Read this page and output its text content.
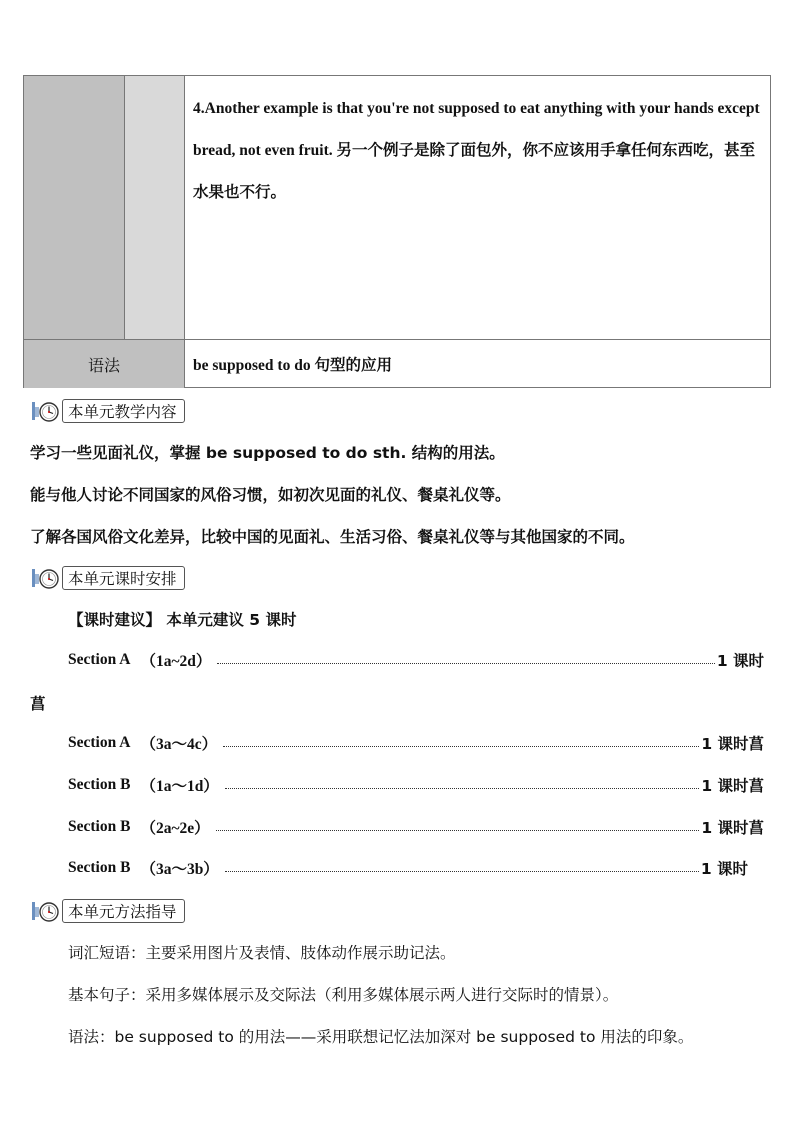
4.Another example is that you're not supposed to eat anything with your hands except bread, not even fruit. 另一个例子是除了面包外，你不应该用手拿任何东西吃，甚至水果也不行。
语法	be supposed to do 句型的应用
本单元教学内容
学习一些见面礼仪，掌握 be supposed to do sth. 结构的用法。
能与他人讨论不同国家的风俗习惯，如初次见面的礼仪、餐桌礼仪等。
了解各国风俗文化差异，比较中国的见面礼、生活习俗、餐桌礼仪等与其他国家的不同。
本单元课时安排
【课时建议】 本单元建议 5 课时
Section A （1a~2d）	1 课时
菖
Section A （3a～4c）	1 课时菖
Section B （1a～1d）	1 课时菖
Section B （2a~2e）	1 课时菖
Section B （3a～3b）	1 课时
本单元方法指导
词汇短语：主要采用图片及表情、肢体动作展示助记法。
基本句子：采用多媒体展示及交际法（利用多媒体展示两人进行交际时的情景）。
语法：be supposed to 的用法——采用联想记忆法加深对 be supposed to 用法的印象。
